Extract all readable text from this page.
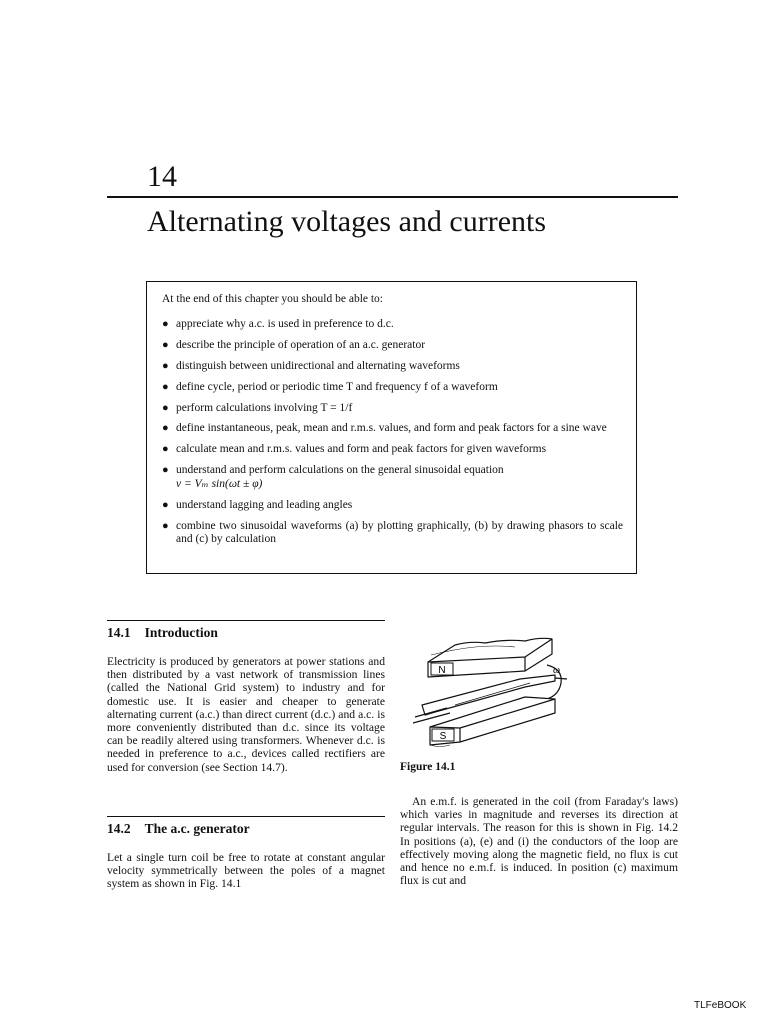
14
Alternating voltages and currents
At the end of this chapter you should be able to:
● appreciate why a.c. is used in preference to d.c.
● describe the principle of operation of an a.c. generator
● distinguish between unidirectional and alternating waveforms
● define cycle, period or periodic time T and frequency f of a waveform
● perform calculations involving T = 1/f
● define instantaneous, peak, mean and r.m.s. values, and form and peak factors for a sine wave
● calculate mean and r.m.s. values and form and peak factors for given waveforms
● understand and perform calculations on the general sinusoidal equation
v = Vₘ sin(ωt ± φ)
● understand lagging and leading angles
● combine two sinusoidal waveforms (a) by plotting graphically, (b) by drawing phasors to scale and (c) by calculation
14.1 Introduction
Electricity is produced by generators at power stations and then distributed by a vast network of transmission lines (called the National Grid system) to industry and for domestic use. It is easier and cheaper to generate alternating current (a.c.) than direct current (d.c.) and a.c. is more conveniently distributed than d.c. since its voltage can be readily altered using transformers. Whenever d.c. is needed in preference to a.c., devices called rectifiers are used for conversion (see Section 14.7).
14.2 The a.c. generator
Let a single turn coil be free to rotate at constant angular velocity symmetrically between the poles of a magnet system as shown in Fig. 14.1
N
S
ω
Figure 14.1
An e.m.f. is generated in the coil (from Faraday's laws) which varies in magnitude and reverses its direction at regular intervals. The reason for this is shown in Fig. 14.2 In positions (a), (e) and (i) the conductors of the loop are effectively moving along the magnetic field, no flux is cut and hence no e.m.f. is induced. In position (c) maximum flux is cut and
TLFeBOOK
